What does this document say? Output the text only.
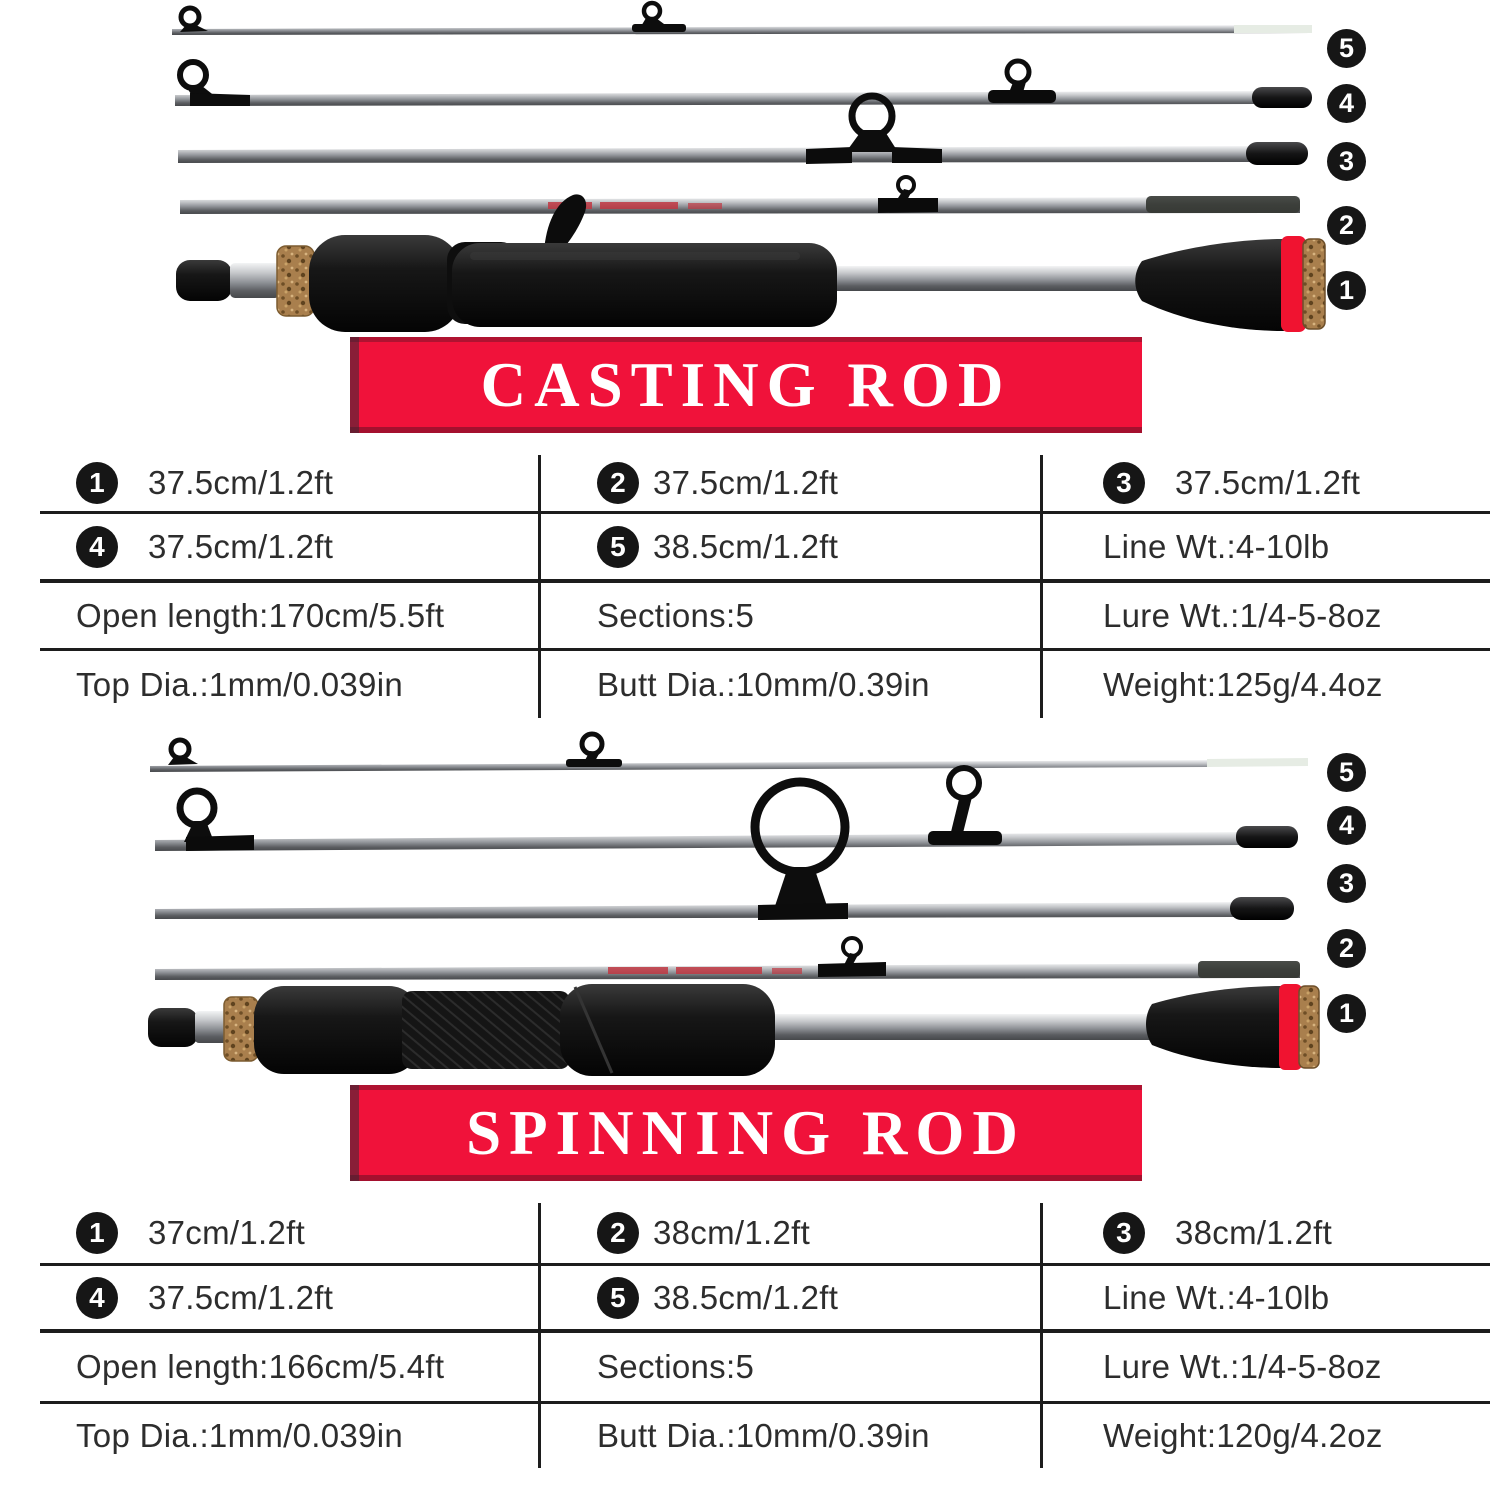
5
4
3
2
1
CASTING ROD
1	37.5cm/1.2ft	2 37.5cm/1.2ft	3	37.5cm/1.2ft
4	37.5cm/1.2ft	5 38.5cm/1.2ft	Line Wt.:4-10lb
Open length:170cm/5.5ft	Sections:5	Lure Wt.:1/4-5-8oz
Top Dia.:1mm/0.039in	Butt Dia.:10mm/0.39in	Weight:125g/4.4oz
5
4
3
2
1
SPINNING ROD
1	37cm/1.2ft	2 38cm/1.2ft	3	38cm/1.2ft
4	37.5cm/1.2ft	5 38.5cm/1.2ft	Line Wt.:4-10lb
Open length:166cm/5.4ft	Sections:5	Lure Wt.:1/4-5-8oz
Top Dia.:1mm/0.039in	Butt Dia.:10mm/0.39in	Weight:120g/4.2oz
